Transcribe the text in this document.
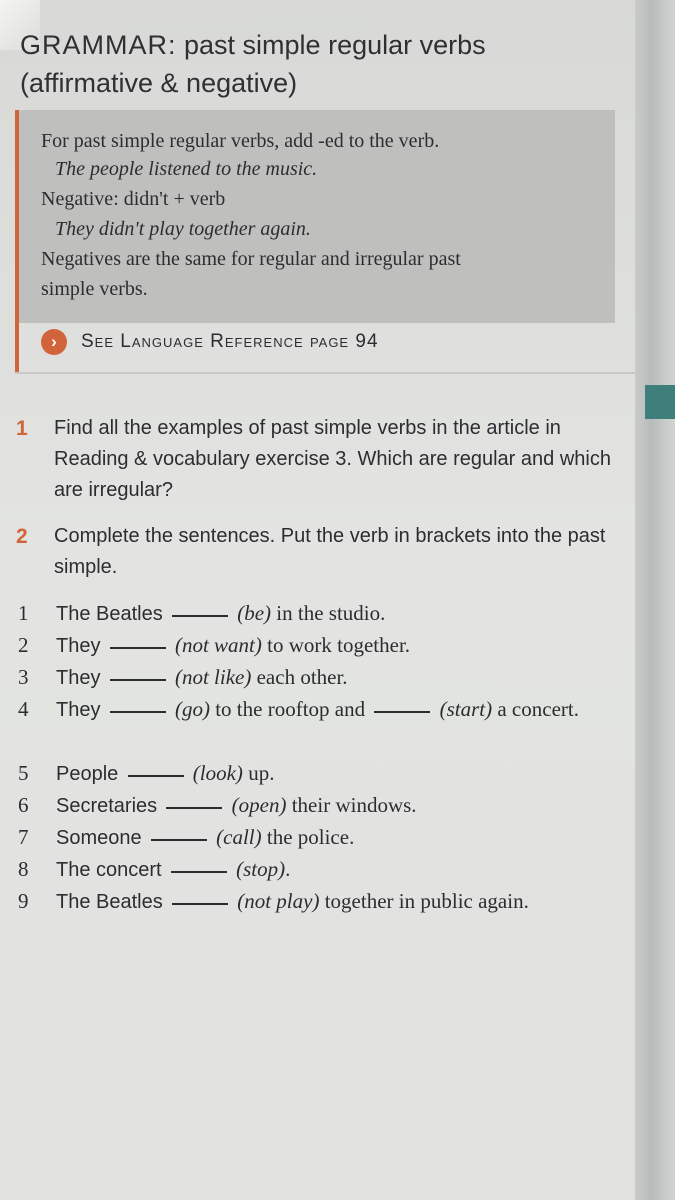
GRAMMAR: past simple regular verbs
(affirmative & negative)
For past simple regular verbs, add -ed to the verb.
The people listened to the music.
Negative: didn't + verb
They didn't play together again.
Negatives are the same for regular and irregular past
simple verbs.
›	See Language Reference page 94
1 Find all the examples of past simple verbs in the article in Reading & vocabulary exercise 3. Which are regular and which are irregular?
2 Complete the sentences. Put the verb in brackets into the past simple.
1	The Beatles	(be) in the studio.
2	They	(not want) to work together.
3	They	(not like) each other.
4	They	(go) to the rooftop and	(start) a concert.
5	People	(look) up.
6	Secretaries	(open) their windows.
7	Someone	(call) the police.
8	The concert	(stop).
9	The Beatles	(not play) together in public again.
